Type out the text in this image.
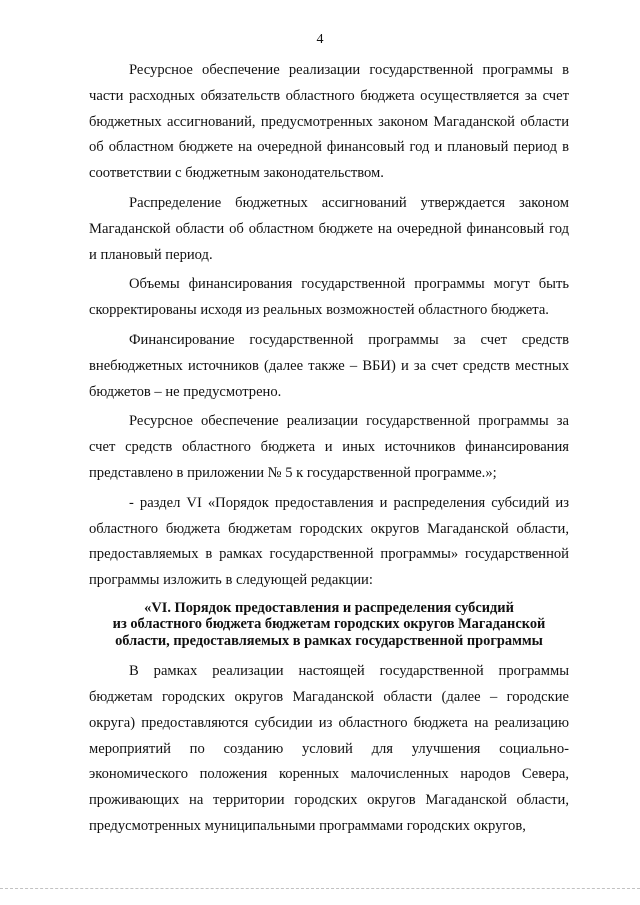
4

Ресурсное обеспечение реализации государственной программы в части расходных обязательств областного бюджета осуществляется за счет бюджетных ассигнований, предусмотренных законом Магаданской области об областном бюджете на очередной финансовый год и плановый период в соответствии с бюджетным законодательством.

Распределение бюджетных ассигнований утверждается законом Магаданской области об областном бюджете на очередной финансовый год и плановый период.

Объемы финансирования государственной программы могут быть скорректированы исходя из реальных возможностей областного бюджета.

Финансирование государственной программы за счет средств внебюджетных источников (далее также – ВБИ) и за счет средств местных бюджетов – не предусмотрено.

Ресурсное обеспечение реализации государственной программы за счет средств областного бюджета и иных источников финансирования представлено в приложении № 5 к государственной программе.»;

- раздел VI «Порядок предоставления и распределения субсидий из областного бюджета бюджетам городских округов Магаданской области, предоставляемых в рамках государственной программы» государственной программы изложить в следующей редакции:

«VI. Порядок предоставления и распределения субсидий
из областного бюджета бюджетам городских округов Магаданской
области, предоставляемых в рамках государственной программы

В рамках реализации настоящей государственной программы бюджетам городских округов Магаданской области (далее – городские округа) предоставляются субсидии из областного бюджета на реализацию мероприятий по созданию условий для улучшения социально-экономического положения коренных малочисленных народов Севера, проживающих на территории городских округов Магаданской области, предусмотренных муниципальными программами городских округов,
